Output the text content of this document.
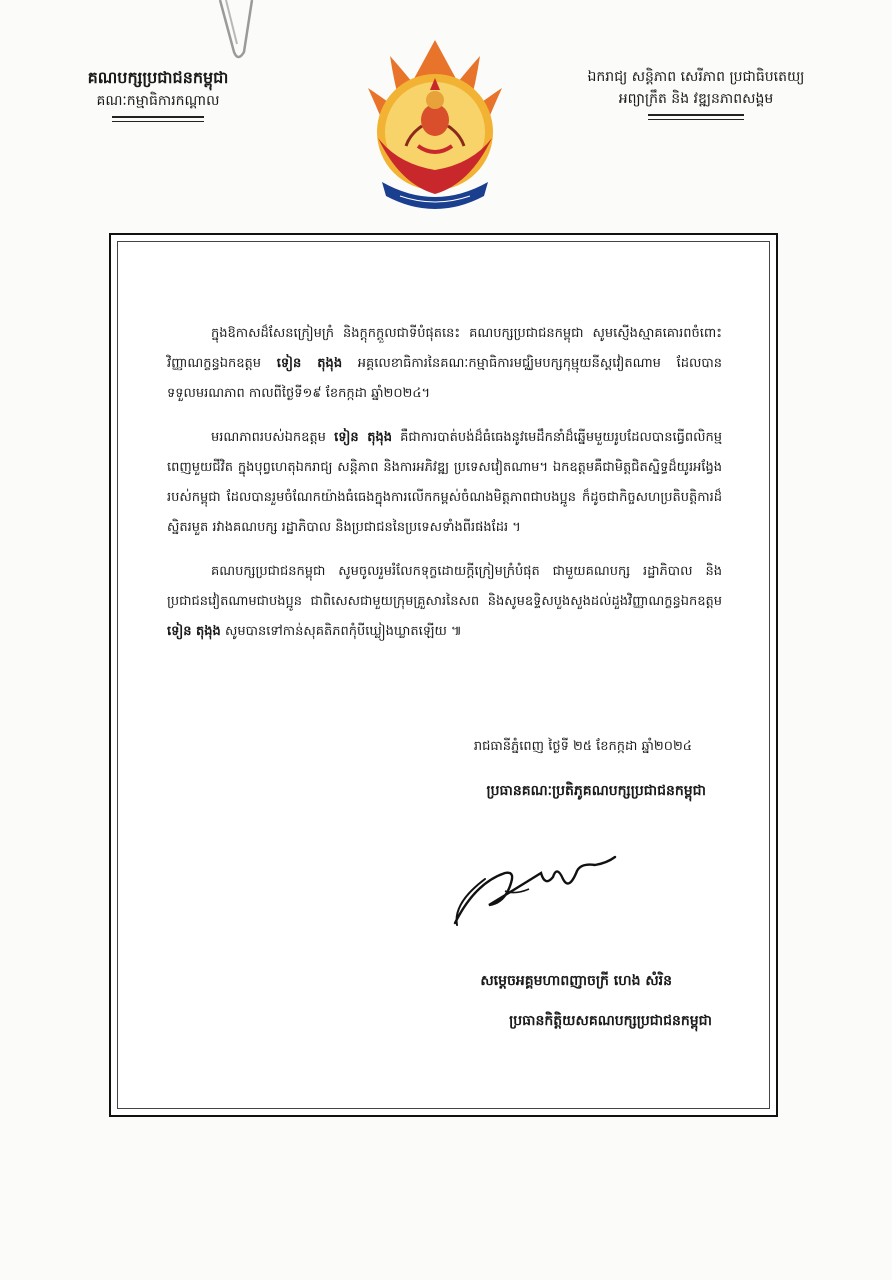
គណបក្សប្រជាជនកម្ពុជា
គណៈកម្មាធិការកណ្ដាល
ឯករាជ្យ សន្តិភាព សេរីភាព ប្រជាធិបតេយ្យ
អព្យាក្រឹត និង វឌ្ឍនភាពសង្គម

ក្នុងឱកាសដ៏សែនក្រៀមក្រំ និងក្ដុកក្ដួលជាទីបំផុតនេះ គណបក្សប្រជាជនកម្ពុជា សូមស្ញើងស្មាគគោរពចំពោះវិញ្ញាណក្ខន្ធឯកឧត្តម ទៀន តុងុង អគ្គលេខាធិការនៃគណៈកម្មាធិការមជ្ឈិមបក្សកុម្មុយនីស្ដវៀតណាម ដែលបានទទួលមរណភាព កាលពីថ្ងៃទី១៩ ខែកក្កដា ឆ្នាំ២០២៤។

មរណភាពរបស់ឯកឧត្តម ទៀន តុងុង គឺជាការបាត់បង់ដ៏ធំធេងនូវមេដឹកនាំដ៏ឆ្នើមមួយរូបដែលបានធ្វើពលិកម្មពេញមួយជីវិត ក្នុងបុព្វហេតុឯករាជ្យ សន្តិភាព និងការអភិវឌ្ឍ ប្រទេសវៀតណាម។ ឯកឧត្តមគឺជាមិត្តជិតស្និទ្ធដ៏យូរអង្វែងរបស់កម្ពុជា ដែលបានរួមចំណែកយ៉ាងធំធេងក្នុងការលើកកម្ពស់ចំណងមិត្តភាពជាបងប្អូន ក៏ដូចជាកិច្ចសហប្រតិបត្តិការដ៏ស្និតរមួត រវាងគណបក្ស រដ្ឋាភិបាល និងប្រជាជននៃប្រទេសទាំងពីរផងដែរ ។

គណបក្សប្រជាជនកម្ពុជា សូមចូលរួមរំលែកទុក្ខដោយក្ដីក្រៀមក្រំបំផុត ជាមួយគណបក្ស រដ្ឋាភិបាល និងប្រជាជនវៀតណាមជាបងប្អូន ជាពិសេសជាមួយក្រុមគ្រួសារនៃសព និងសូមឧទ្ទិសបួងសួងដល់ដួងវិញ្ញាណក្ខន្ធឯកឧត្តម ទៀន តុងុង សូមបានទៅកាន់សុគតិភពកុំបីឃ្លៀងឃ្លាតឡើយ ៕

រាជធានីភ្នំពេញ ថ្ងៃទី ២៥ ខែកក្កដា ឆ្នាំ២០២៤
ប្រធានគណៈប្រតិភូគណបក្សប្រជាជនកម្ពុជា
សម្ដេចអគ្គមហាពញាចក្រី ហេង សំរិន
ប្រធានកិត្តិយសគណបក្សប្រជាជនកម្ពុជា
